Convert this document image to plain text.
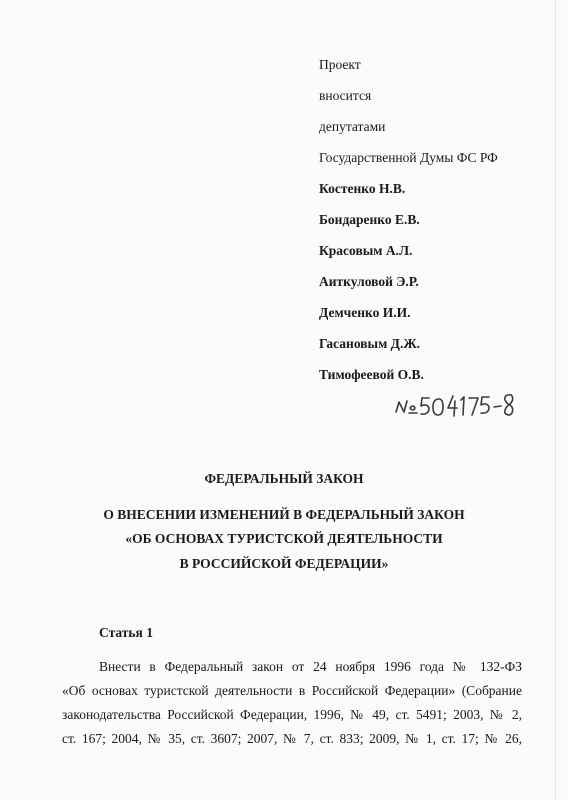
Проект
вносится
депутатами
Государственной Думы ФС РФ
Костенко Н.В.
Бондаренко Е.В.
Красовым А.Л.
Аиткуловой Э.Р.
Демченко И.И.
Гасановым Д.Ж.
Тимофеевой О.В.
ФЕДЕРАЛЬНЫЙ ЗАКОН
О ВНЕСЕНИИ ИЗМЕНЕНИЙ В ФЕДЕРАЛЬНЫЙ ЗАКОН
«ОБ ОСНОВАХ ТУРИСТСКОЙ ДЕЯТЕЛЬНОСТИ
В РОССИЙСКОЙ ФЕДЕРАЦИИ»
Статья 1
Внести в Федеральный закон от 24 ноября 1996 года № 132-ФЗ
«Об основах туристской деятельности в Российской Федерации» (Собрание
законодательства Российской Федерации, 1996, № 49, ст. 5491; 2003, № 2,
ст. 167; 2004, № 35, ст. 3607; 2007, № 7, ст. 833; 2009, № 1, ст. 17; № 26,
